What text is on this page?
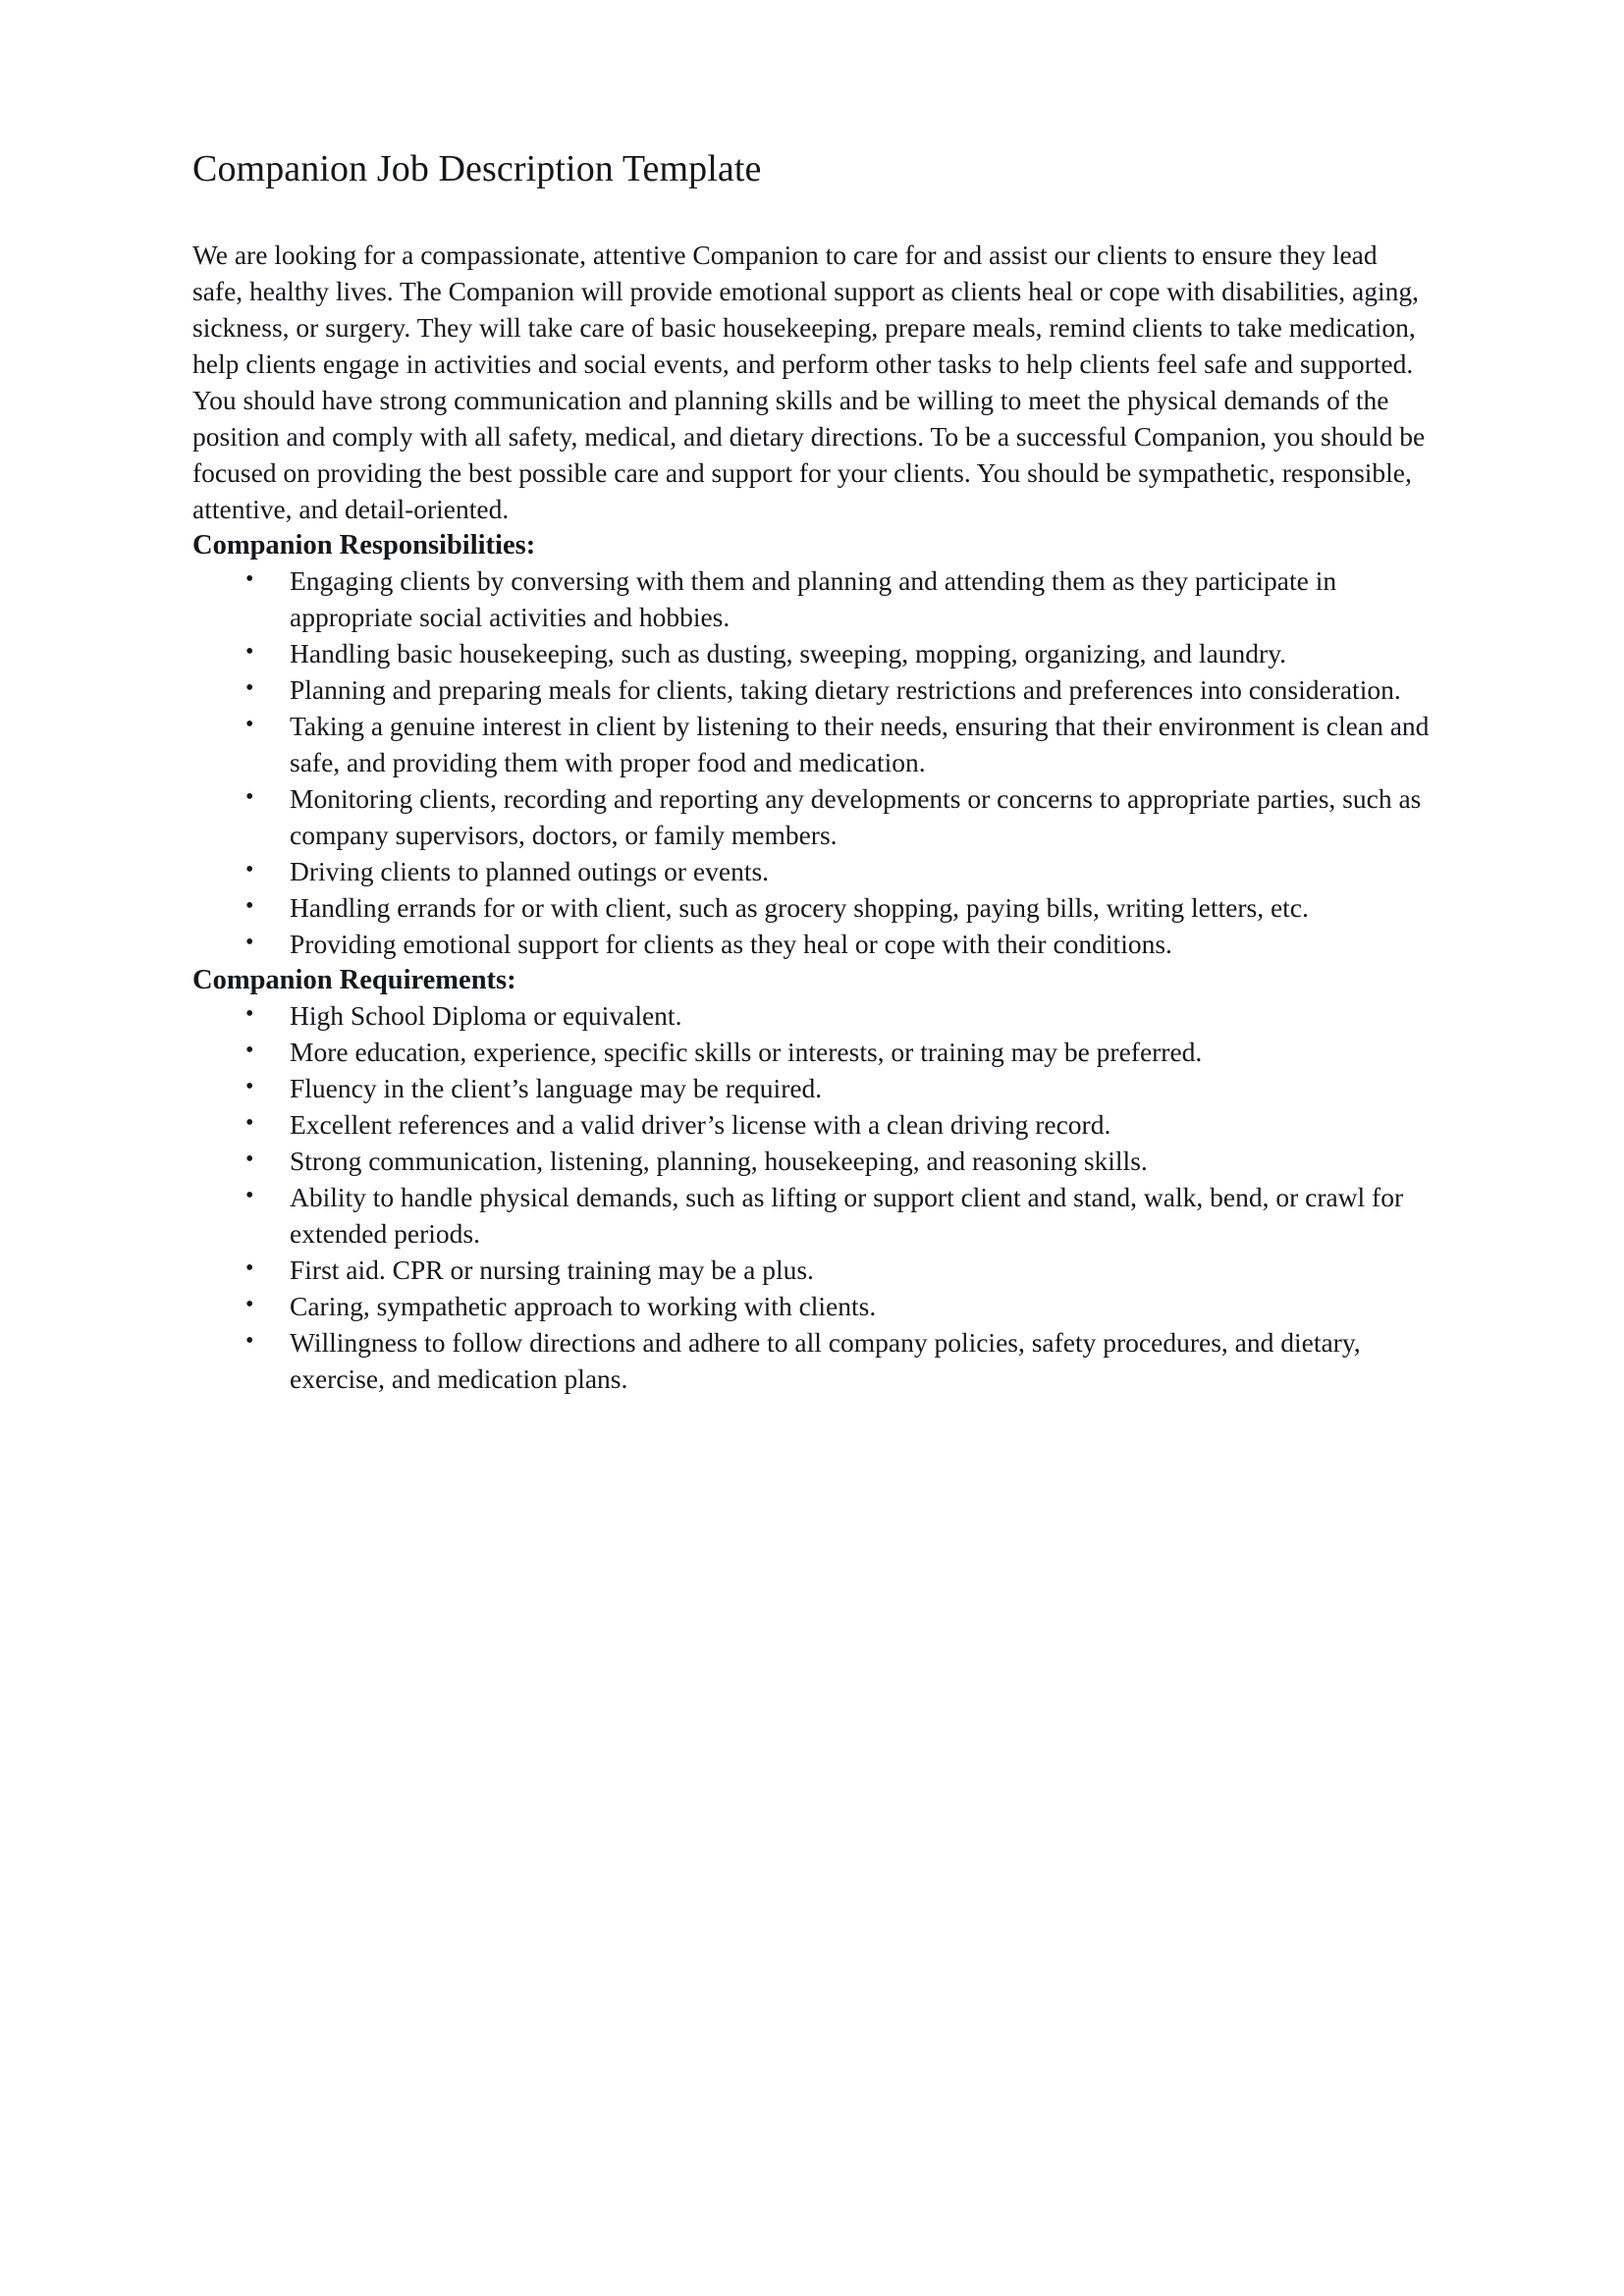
Companion Job Description Template

We are looking for a compassionate, attentive Companion to care for and assist our clients to ensure they lead safe, healthy lives. The Companion will provide emotional support as clients heal or cope with disabilities, aging, sickness, or surgery. They will take care of basic housekeeping, prepare meals, remind clients to take medication, help clients engage in activities and social events, and perform other tasks to help clients feel safe and supported. You should have strong communication and planning skills and be willing to meet the physical demands of the position and comply with all safety, medical, and dietary directions. To be a successful Companion, you should be focused on providing the best possible care and support for your clients. You should be sympathetic, responsible, attentive, and detail-oriented.

Companion Responsibilities:
• Engaging clients by conversing with them and planning and attending them as they participate in appropriate social activities and hobbies.
• Handling basic housekeeping, such as dusting, sweeping, mopping, organizing, and laundry.
• Planning and preparing meals for clients, taking dietary restrictions and preferences into consideration.
• Taking a genuine interest in client by listening to their needs, ensuring that their environment is clean and safe, and providing them with proper food and medication.
• Monitoring clients, recording and reporting any developments or concerns to appropriate parties, such as company supervisors, doctors, or family members.
• Driving clients to planned outings or events.
• Handling errands for or with client, such as grocery shopping, paying bills, writing letters, etc.
• Providing emotional support for clients as they heal or cope with their conditions.
Companion Requirements:
• High School Diploma or equivalent.
• More education, experience, specific skills or interests, or training may be preferred.
• Fluency in the client’s language may be required.
• Excellent references and a valid driver’s license with a clean driving record.
• Strong communication, listening, planning, housekeeping, and reasoning skills.
• Ability to handle physical demands, such as lifting or support client and stand, walk, bend, or crawl for extended periods.
• First aid. CPR or nursing training may be a plus.
• Caring, sympathetic approach to working with clients.
• Willingness to follow directions and adhere to all company policies, safety procedures, and dietary, exercise, and medication plans.
